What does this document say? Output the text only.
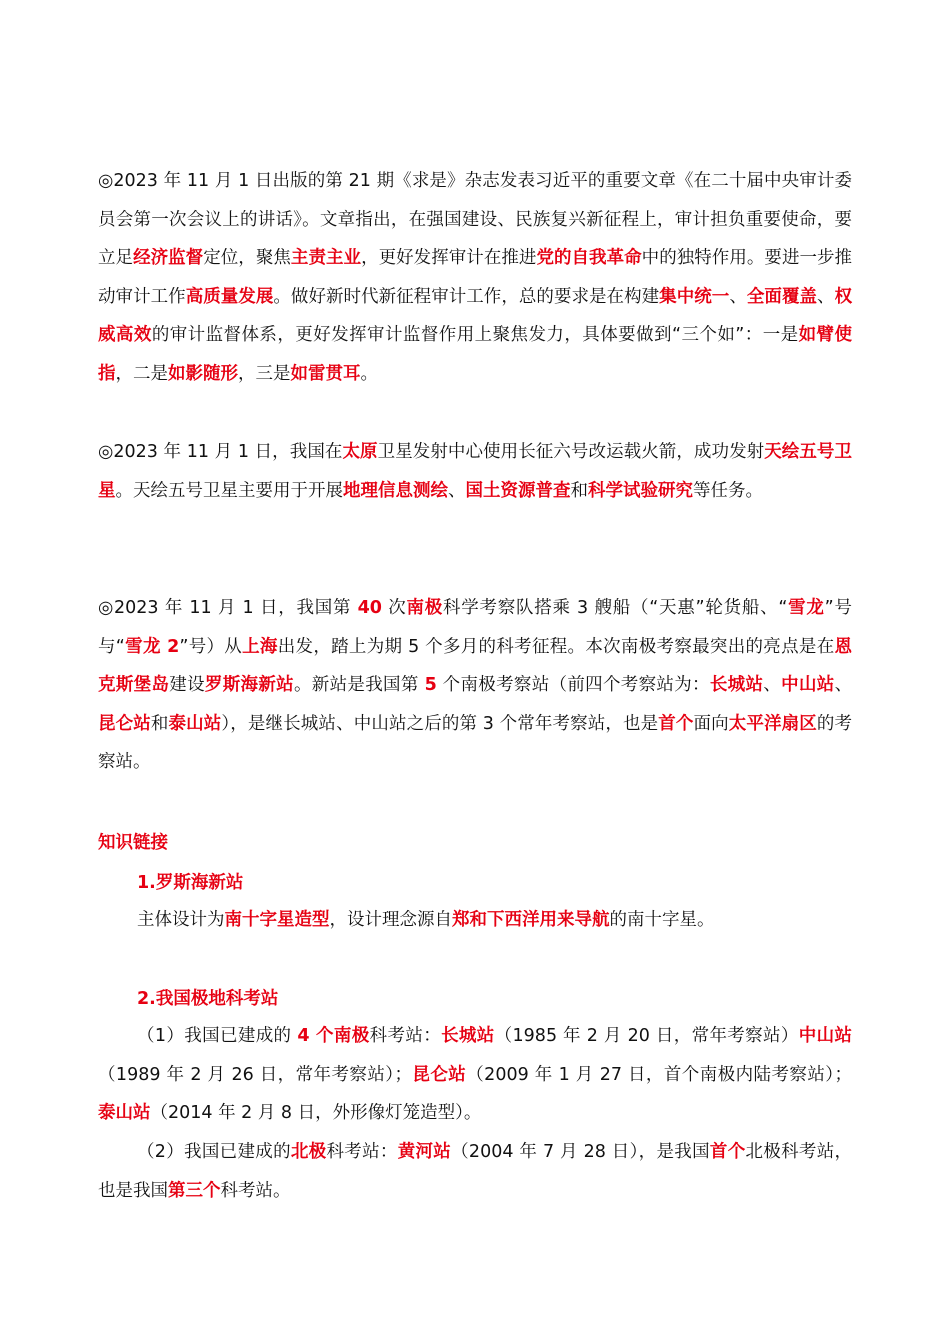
◎2023 年 11 月 1 日出版的第 21 期《求是》杂志发表习近平的重要文章《在二十届中央审计委员会第一次会议上的讲话》。文章指出，在强国建设、民族复兴新征程上，审计担负重要使命，要立足经济监督定位，聚焦主责主业，更好发挥审计在推进党的自我革命中的独特作用。要进一步推动审计工作高质量发展。做好新时代新征程审计工作，总的要求是在构建集中统一、全面覆盖、权威高效的审计监督体系，更好发挥审计监督作用上聚焦发力，具体要做到“三个如”：一是如臂使指，二是如影随形，三是如雷贯耳。

◎2023 年 11 月 1 日，我国在太原卫星发射中心使用长征六号改运载火箭，成功发射天绘五号卫星。天绘五号卫星主要用于开展地理信息测绘、国土资源普查和科学试验研究等任务。

◎2023 年 11 月 1 日，我国第 40 次南极科学考察队搭乘 3 艘船（“天惠”轮货船、“雪龙”号与“雪龙 2”号）从上海出发，踏上为期 5 个多月的科考征程。本次南极考察最突出的亮点是在恩克斯堡岛建设罗斯海新站。新站是我国第 5 个南极考察站（前四个考察站为：长城站、中山站、昆仑站和泰山站），是继长城站、中山站之后的第 3 个常年考察站，也是首个面向太平洋扇区的考察站。

知识链接
1.罗斯海新站

主体设计为南十字星造型，设计理念源自郑和下西洋用来导航的南十字星。

2.我国极地科考站

（1）我国已建成的 4 个南极科考站：长城站（1985 年 2 月 20 日，常年考察站）中山站（1989 年 2 月 26 日，常年考察站）；昆仑站（2009 年 1 月 27 日，首个南极内陆考察站）；泰山站（2014 年 2 月 8 日，外形像灯笼造型）。

（2）我国已建成的北极科考站：黄河站（2004 年 7 月 28 日），是我国首个北极科考站，也是我国第三个科考站。
